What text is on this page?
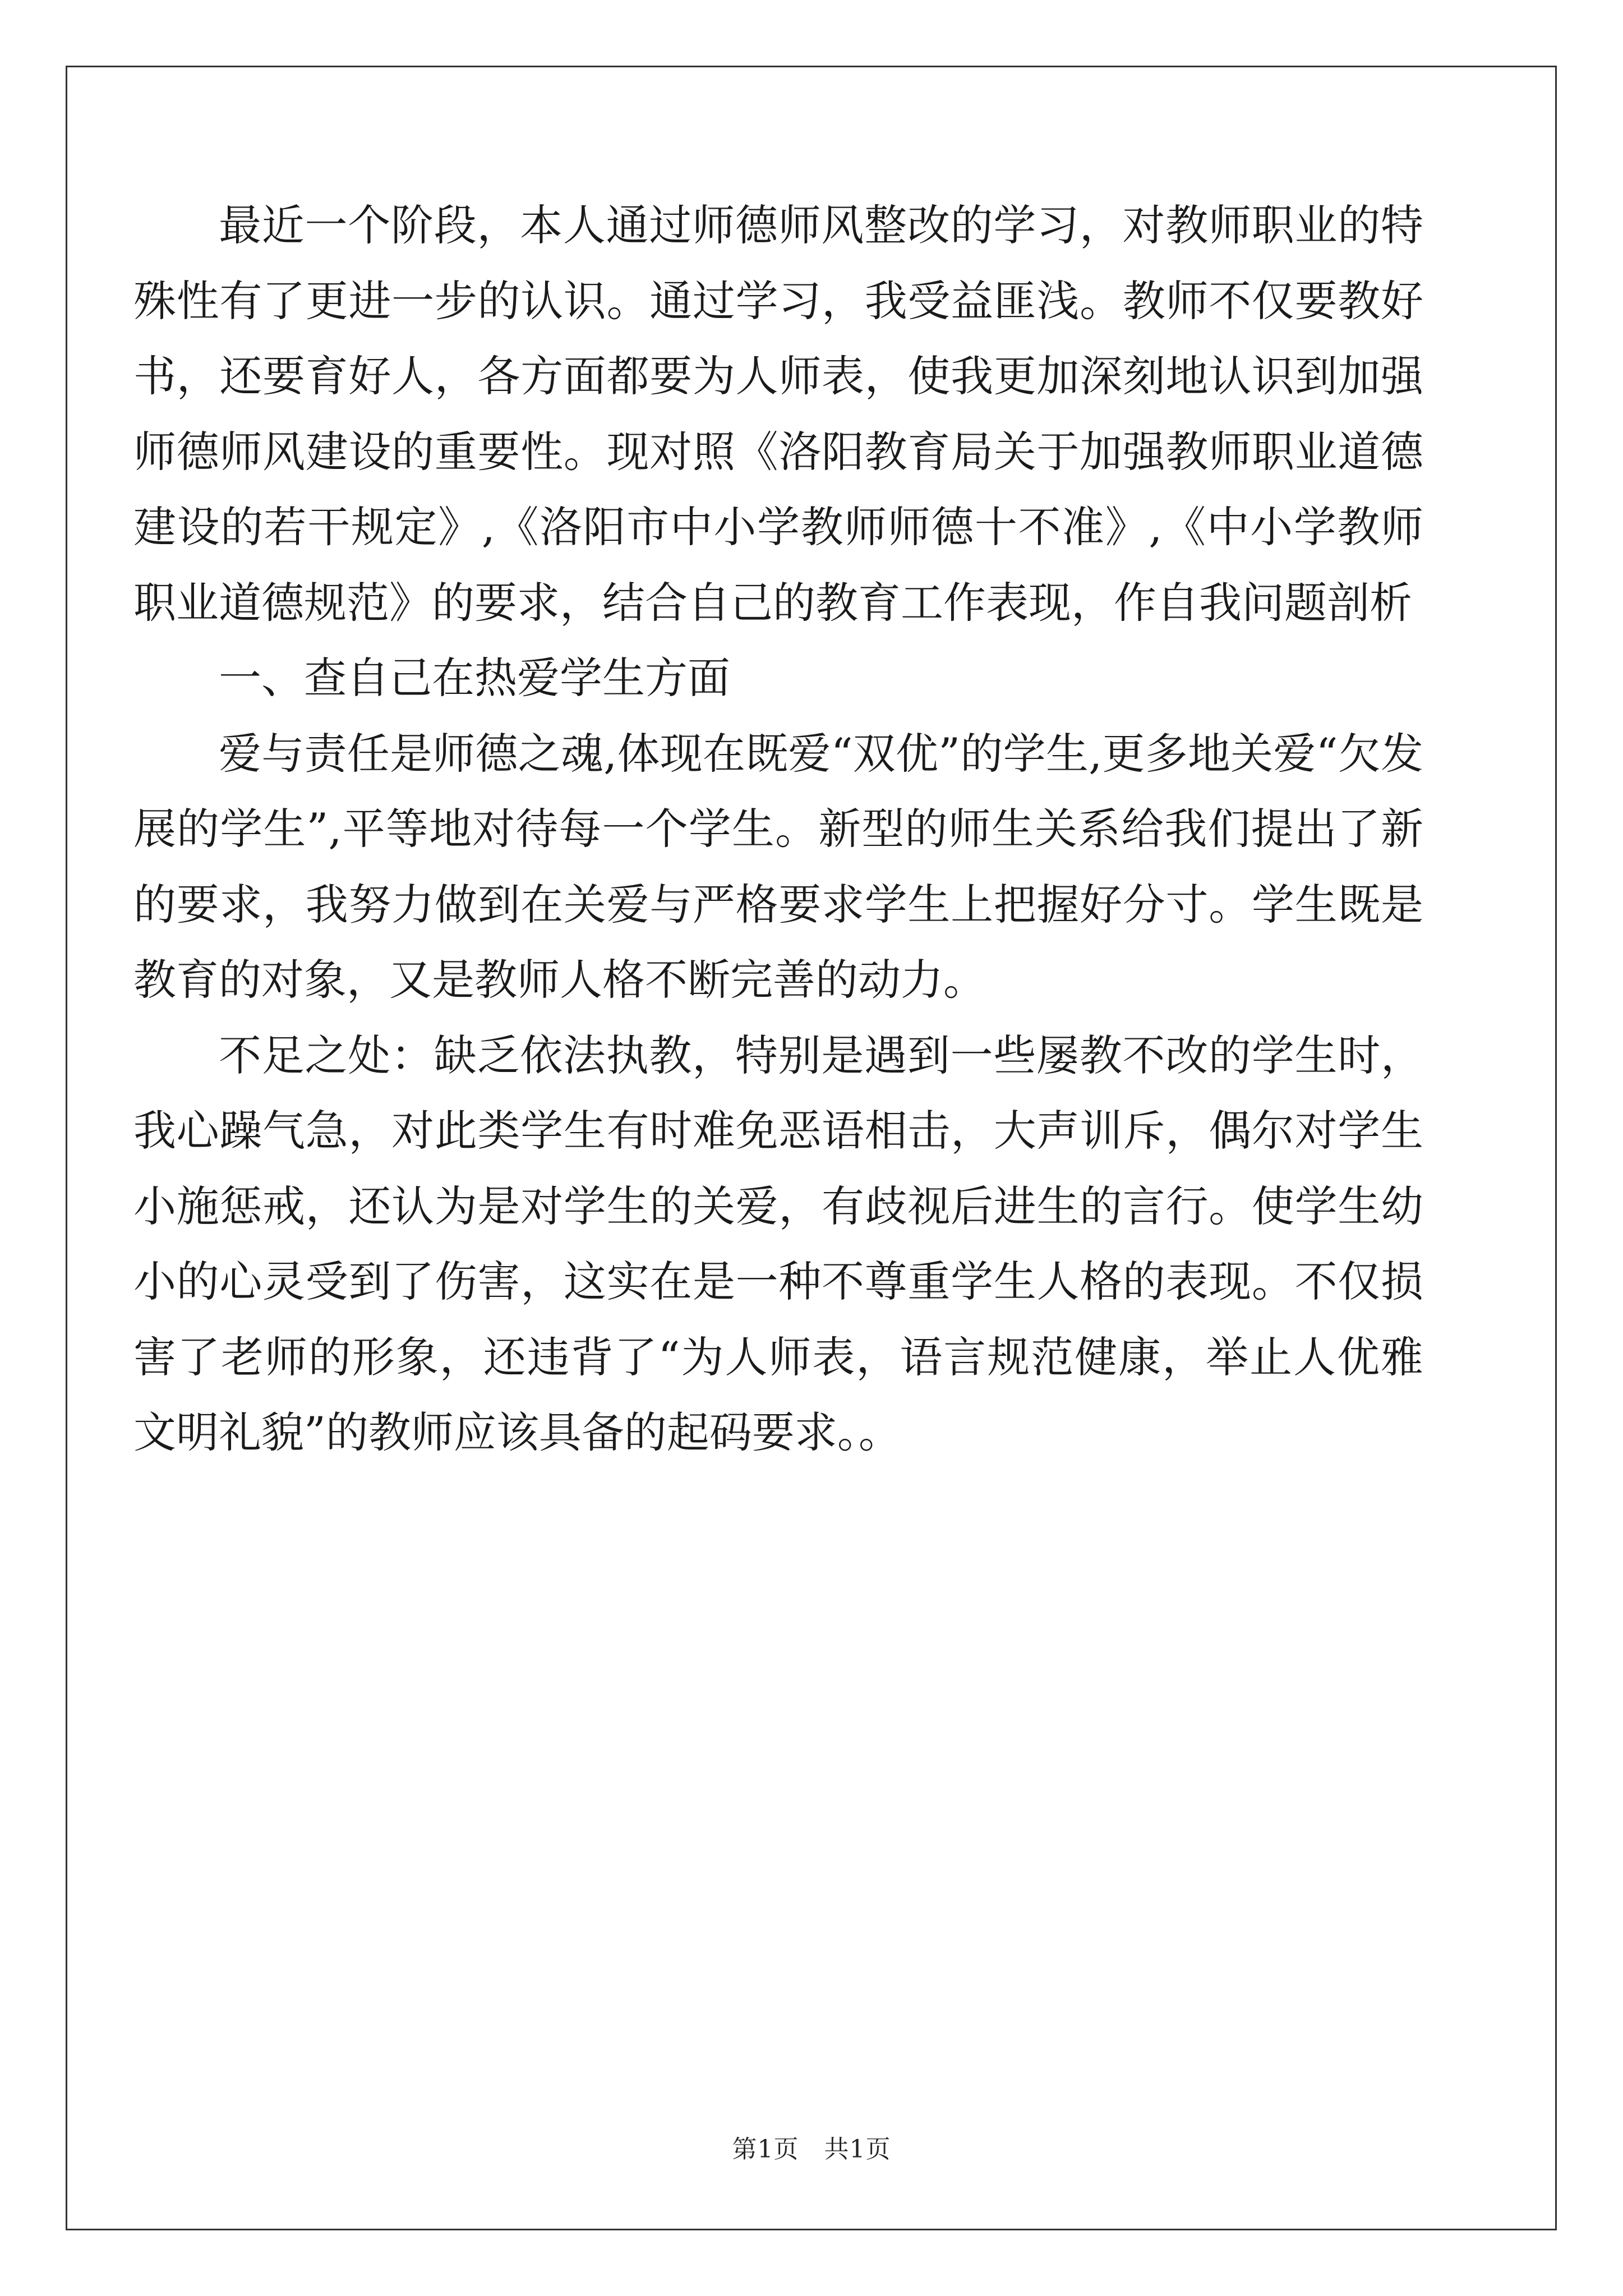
最近一个阶段，本人通过师德师风整改的学习，对教师职业的特殊性有了更进一步的认识。通过学习，我受益匪浅。教师不仅要教好书，还要育好人，各方面都要为人师表，使我更加深刻地认识到加强师德师风建设的重要性。现对照《洛阳教育局关于加强教师职业道德建设的若干规定》,《洛阳市中小学教师师德十不准》,《中小学教师职业道德规范》的要求，结合自己的教育工作表现，作自我问题剖析

一、查自己在热爱学生方面

爱与责任是师德之魂,体现在既爱“双优”的学生,更多地关爱“欠发展的学生”,平等地对待每一个学生。新型的师生关系给我们提出了新的要求，我努力做到在关爱与严格要求学生上把握好分寸。学生既是教育的对象，又是教师人格不断完善的动力。

不足之处：缺乏依法执教，特别是遇到一些屡教不改的学生时，我心躁气急，对此类学生有时难免恶语相击，大声训斥，偶尔对学生小施惩戒，还认为是对学生的关爱，有歧视后进生的言行。使学生幼小的心灵受到了伤害，这实在是一种不尊重学生人格的表现。不仅损害了老师的形象，还违背了“为人师表，语言规范健康，举止人优雅文明礼貌”的教师应该具备的起码要求。。

第1页   共1页
